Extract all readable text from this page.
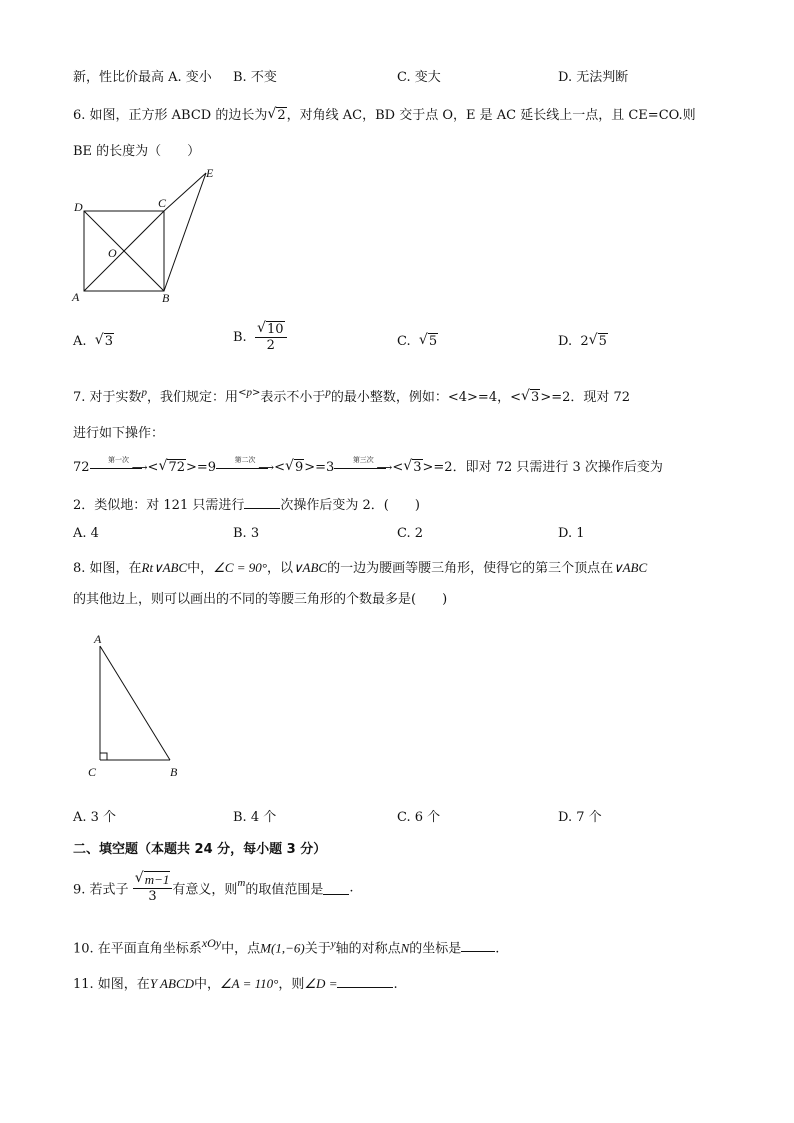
新，性比价最高 A. 变小 B. 不变	C. 变大	D. 无法判断
6. 如图，正方形 ABCD 的边长为 √ 2，对角线 AC，BD 交于点 O，E 是 AC 延长线上一点，且 CE=CO.则
BE 的长度为（　　）
D	C
E
O
A	B
A. √ 3	B. √ $\frac{10}{2}$	C. √ 5	D. 2 √ 5
7. 对于实数$^p$，我们规定：用$^{<p>}$表示不小于$^p$的最小整数，例如：<4>=4，< √ 3>=2．现对 72
进行如下操作：
72
第一次
⟶ < √ 72>=9
第二次
⟶ < √ 9>=3
第三次
⟶ < √ 3>=2．即对 72 只需进行 3 次操作后变为
2．类似地：对 121 只需进行	次操作后变为 2．(　　)
A. 4	B. 3	C. 2	D. 1
8. 如图，在Rt∨ABC中，∠C = 90°，以∨ABC的一边为腰画等腰三角形，使得它的第三个顶点在∨ABC
的其他边上，则可以画出的不同的等腰三角形的个数最多是(　　)
A
C	B
A. 3 个	B. 4 个	C. 6 个	D. 7 个
二、填空题（本题共 24 分，每小题 3 分）
9. 若式子 √ $\frac{m-1}{3}$ 有意义，则$^m$的取值范围是 .
10. 在平面直角坐标系$^{xOy}$中，点M(1,−6)关于$^y$轴的对称点N的坐标是	.
11. 如图，在Y ABCD中，∠A = 110°，则∠D =	.
